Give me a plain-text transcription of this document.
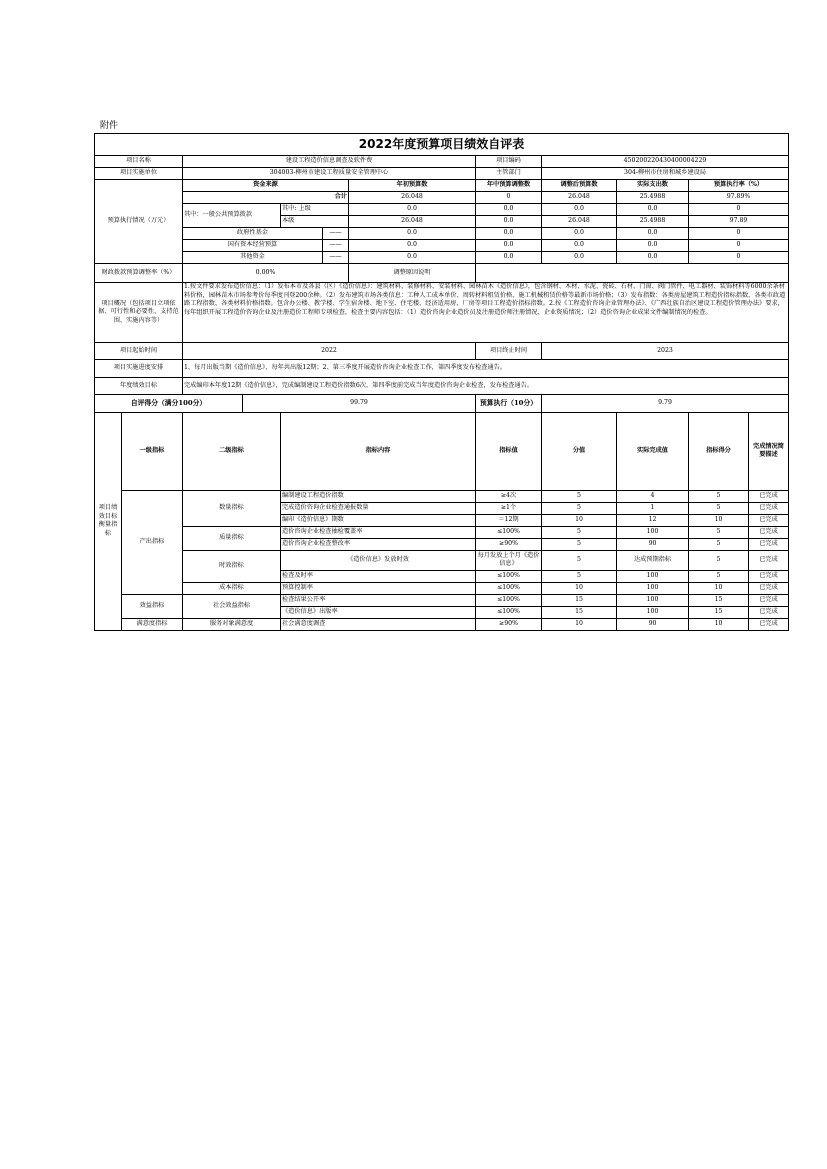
附件
2022年度预算项目绩效自评表												
项目名称		建设工程造价信息调查及软件费					项目编码	450200220430400004229				
项目实施单位		304003-柳州市建设工程质量安全管理中心					主管部门	304-柳州市住房和城乡建设局				
预算执行情况（万元）		资金来源				年初预算数	年中预算调整数	调整后预算数	实际支出数	预算执行率（%）		
		合计				26.048	0	26.048	25.4988	97.89%		
		其中：一般公共预算拨款		其中: 上级		0.0	0.0	0.0	0.0	0		
				本级		26.048	0.0	26.048	25.4988	97.89		
		政府性基金			——	0.0	0.0	0.0	0.0	0		
		国有资本经营预算			——	0.0	0.0	0.0	0.0	0		
		其他资金			——	0.0	0.0	0.0	0.0	0		
财政拨款预算调整率（%）		0.00%				调整原因说明						
项目概况（包括项目立项依据、可行性和必要性、支持范围、实施内容等）		1.按文件要求发布造价信息：（1）发布本市及各县（区）《造价信息》：建筑材料、装修材料、安装材料、园林苗木《造价信息》，包含钢材、木材、水泥、瓷砖、石材、门窗、阀门管件、电工器材、装饰材料等6000余条材料价格，园林苗木市场参考价每季度刊登200余种。（2）发布建筑市场各类信息：工种人工成本单价、周转材料租赁价格、施工机械租赁价格等最新市场价格；（3）发布指数：各类房屋建筑工程造价指标指数、各类市政道路工程指数、各类材料价格指数。包含办公楼、教学楼、学生宿舍楼、地下室、住宅楼、经济适用房、厂房等项目工程造价指标指数。2.按《工程造价咨询企业管理办法》、《广西壮族自治区建设工程造价管理办法》要求，每年组织开展工程造价咨询企业及注册造价工程师专项检查，检查主要内容包括：（1）造价咨询企业造价员及注册造价师注册情况、企业资质情况；（2）造价咨询企业成果文件编制情况的检查。										
项目起始时间		2022					项目终止时间	2023				
项目实施进度安排		1、每月出版当期《造价信息》，每年共出版12期；2、第三季度开展造价咨询企业检查工作，第四季度发布检查通告。										
年度绩效目标		完成编印本年度12期《造价信息》，完成编制建设工程造价指数6次，第四季度前完成当年度造价咨询企业检查，发布检查通告。										
自评得分（满分100分）			99.79				预算执行（10分）	9.79				
项目绩效目标衡量指标	一级指标	二级指标		指标内容			指标值	分值	实际完成值	指标得分	完成情况简要描述	
	产出指标	数量指标		编制建设工程造价指数			≥4次	5	4	5	已完成	
				完成造价咨询企业检查通报数量			≥1个	5	1	5	已完成	
				编印《造价信息》期数			＝12期	10	12	10	已完成	
		质量指标		造价咨询企业检查抽检覆盖率			≤100%	5	100	5	已完成	
				造价咨询企业检查整改率			≥90%	5	90	5	已完成	
		时效指标		《造价信息》发放时效			每月发放上个月《造价信息》	5	达成预期指标	5	已完成	
				检查及时率			≤100%	5	100	5	已完成	
		成本指标		预算控制率			≤100%	10	100	10	已完成	
	效益指标	社会效益指标		检查结果公开率			≤100%	15	100	15	已完成	
				《造价信息》出版率			≤100%	15	100	15	已完成	
	满意度指标	服务对象满意度		社会满意度调查			≥90%	10	90	10	已完成	
